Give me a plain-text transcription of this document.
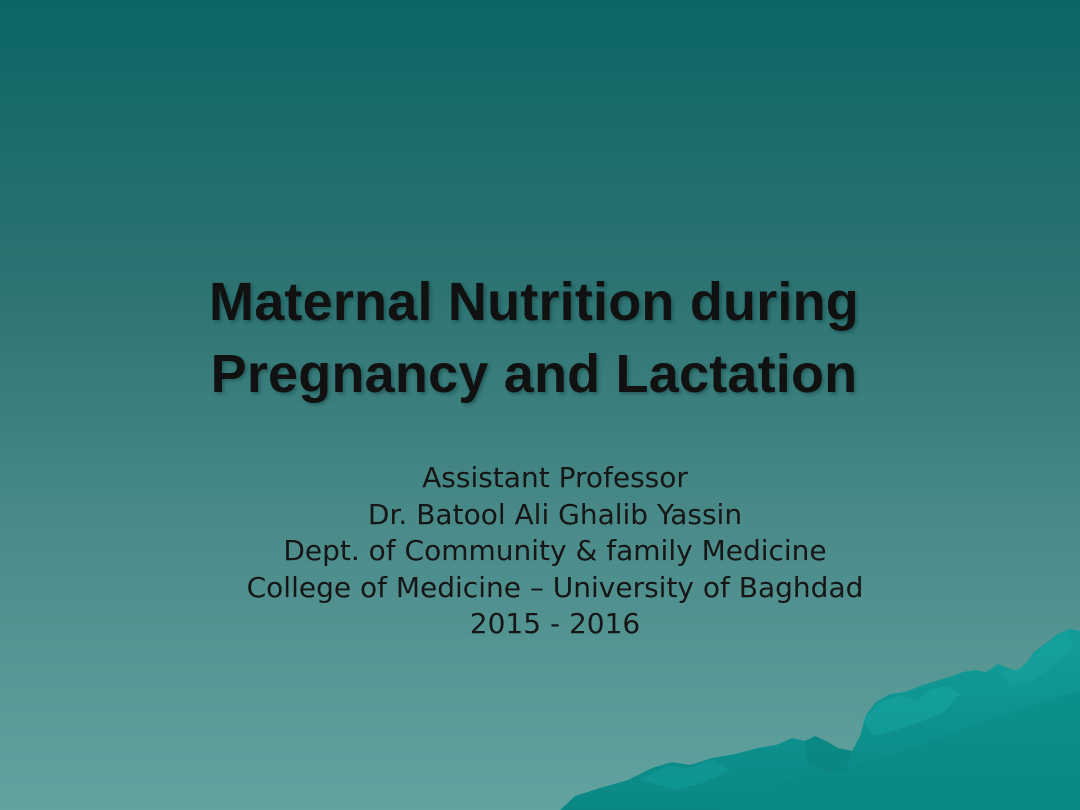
Maternal Nutrition during
Pregnancy and Lactation
Assistant Professor
Dr. Batool Ali Ghalib Yassin
Dept. of Community & family Medicine
College of Medicine – University of Baghdad
2015 - 2016
